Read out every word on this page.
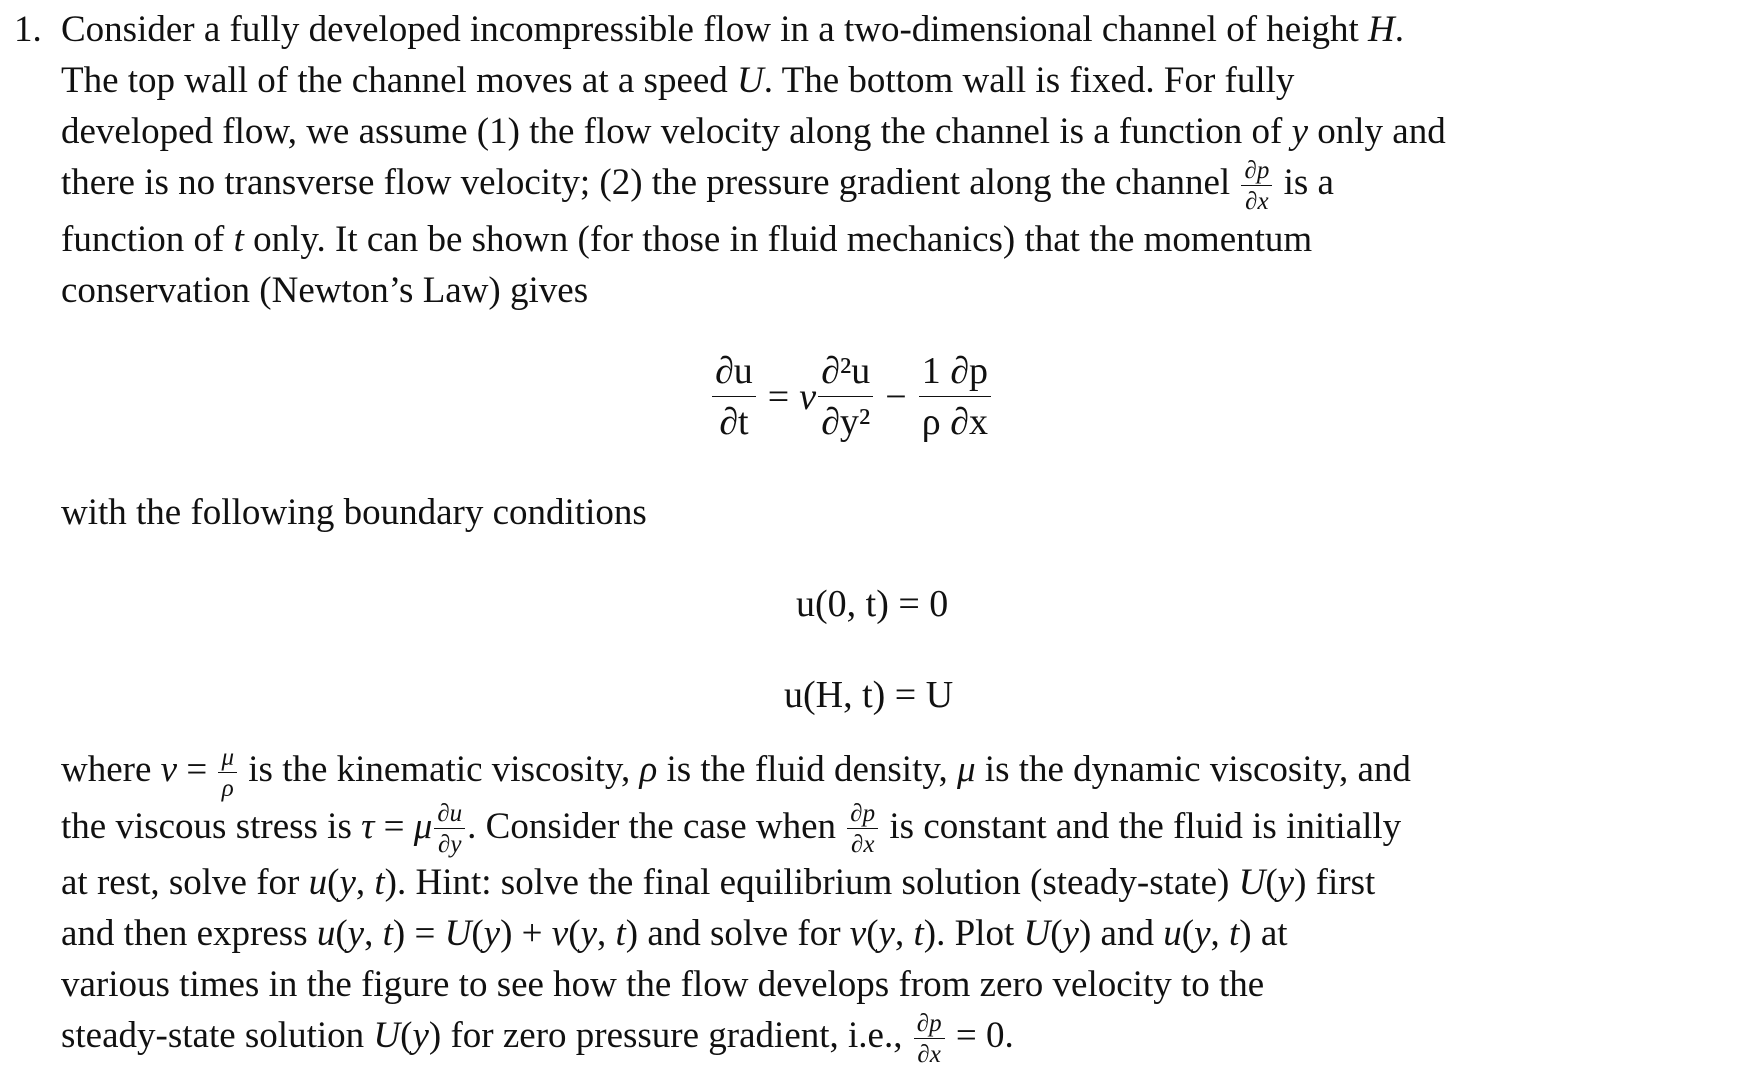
1. Consider a fully developed incompressible flow in a two-dimensional channel of height H.
The top wall of the channel moves at a speed U. The bottom wall is fixed. For fully
developed flow, we assume (1) the flow velocity along the channel is a function of y only and
there is no transverse flow velocity; (2) the pressure gradient along the channel $\frac{\partial p}{\partial x}$ is a
function of t only. It can be shown (for those in fluid mechanics) that the momentum
conservation (Newton’s Law) gives
$\frac{\partial u}{\partial t} = \nu \frac{\text{∂²u}}{\text{∂y²}} - \frac{1 \partial p}{\rho \partial x}$
with the following boundary conditions
u(0, t) = 0
u(H, t) = U
where $\nu = \frac{\mu}{\rho}$ is the kinematic viscosity, ρ is the fluid density, μ is the dynamic viscosity, and
the viscous stress is τ = μ $\frac{\partial u}{\partial y}$ . Consider the case when $\frac{\partial p}{\partial x}$ is constant and the fluid is initially
at rest, solve for u(y, t). Hint: solve the final equilibrium solution (steady-state) U(y) first
and then express u(y, t) = U(y) + v(y, t) and solve for v(y, t). Plot U(y) and u(y, t) at
various times in the figure to see how the flow develops from zero velocity to the
steady-state solution U(y) for zero pressure gradient, i.e., $\frac{\partial p}{\partial x} = 0$.
